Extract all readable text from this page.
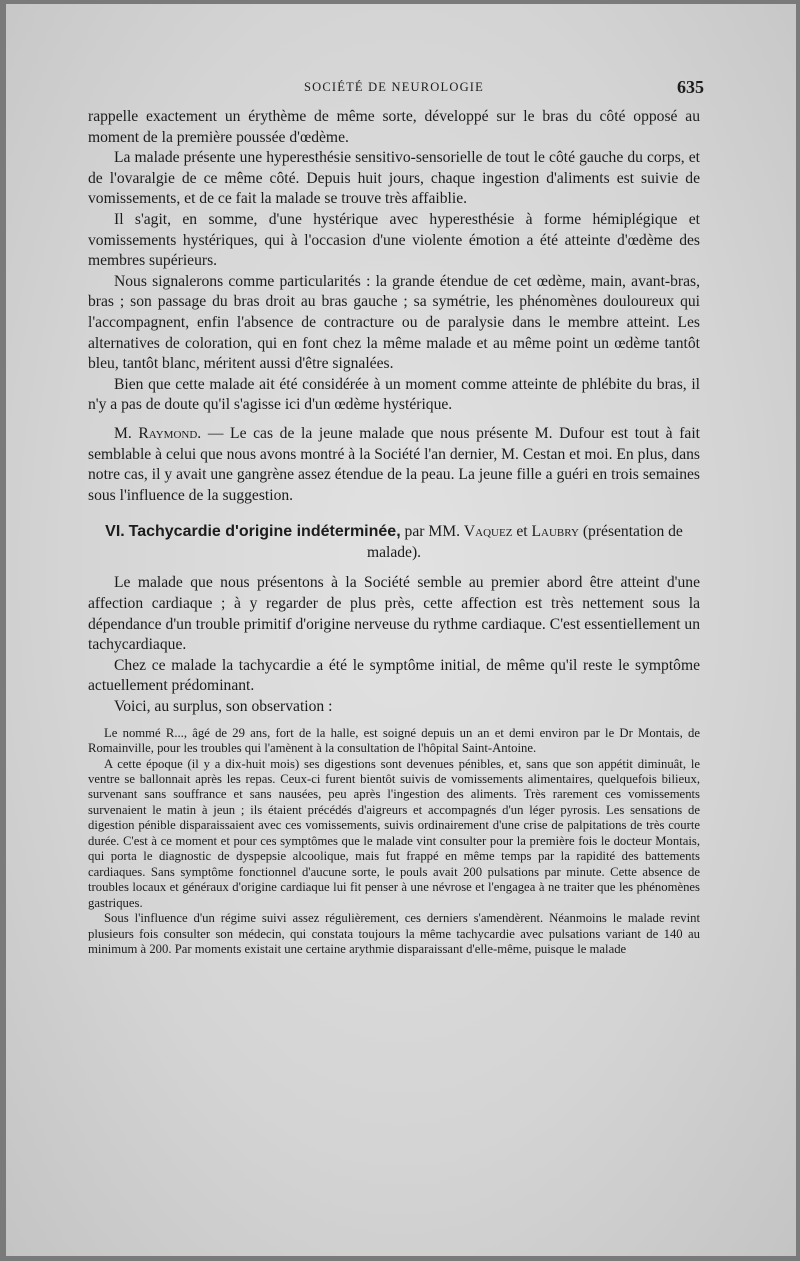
SOCIÉTÉ DE NEUROLOGIE	635

rappelle exactement un érythème de même sorte, développé sur le bras du côté opposé au moment de la première poussée d'œdème.

La malade présente une hyperesthésie sensitivo-sensorielle de tout le côté gauche du corps, et de l'ovaralgie de ce même côté. Depuis huit jours, chaque ingestion d'aliments est suivie de vomissements, et de ce fait la malade se trouve très affaiblie.

Il s'agit, en somme, d'une hystérique avec hyperesthésie à forme hémiplégique et vomissements hystériques, qui à l'occasion d'une violente émotion a été atteinte d'œdème des membres supérieurs.

Nous signalerons comme particularités : la grande étendue de cet œdème, main, avant-bras, bras ; son passage du bras droit au bras gauche ; sa symétrie, les phénomènes douloureux qui l'accompagnent, enfin l'absence de contracture ou de paralysie dans le membre atteint. Les alternatives de coloration, qui en font chez la même malade et au même point un œdème tantôt bleu, tantôt blanc, méritent aussi d'être signalées.

Bien que cette malade ait été considérée à un moment comme atteinte de phlébite du bras, il n'y a pas de doute qu'il s'agisse ici d'un œdème hystérique.

M. Raymond. — Le cas de la jeune malade que nous présente M. Dufour est tout à fait semblable à celui que nous avons montré à la Société l'an dernier, M. Cestan et moi. En plus, dans notre cas, il y avait une gangrène assez étendue de la peau. La jeune fille a guéri en trois semaines sous l'influence de la suggestion.

VI. Tachycardie d'origine indéterminée, par MM. Vaquez et Laubry (présentation de malade).

Le malade que nous présentons à la Société semble au premier abord être atteint d'une affection cardiaque ; à y regarder de plus près, cette affection est très nettement sous la dépendance d'un trouble primitif d'origine nerveuse du rythme cardiaque. C'est essentiellement un tachycardiaque.

Chez ce malade la tachycardie a été le symptôme initial, de même qu'il reste le symptôme actuellement prédominant.

Voici, au surplus, son observation :

Le nommé R..., âgé de 29 ans, fort de la halle, est soigné depuis un an et demi environ par le Dr Montais, de Romainville, pour les troubles qui l'amènent à la consultation de l'hôpital Saint-Antoine.

A cette époque (il y a dix-huit mois) ses digestions sont devenues pénibles, et, sans que son appétit diminuât, le ventre se ballonnait après les repas. Ceux-ci furent bientôt suivis de vomissements alimentaires, quelquefois bilieux, survenant sans souffrance et sans nausées, peu après l'ingestion des aliments. Très rarement ces vomissements survenaient le matin à jeun ; ils étaient précédés d'aigreurs et accompagnés d'un léger pyrosis. Les sensations de digestion pénible disparaissaient avec ces vomissements, suivis ordinairement d'une crise de palpitations de très courte durée. C'est à ce moment et pour ces symptômes que le malade vint consulter pour la première fois le docteur Montais, qui porta le diagnostic de dyspepsie alcoolique, mais fut frappé en même temps par la rapidité des battements cardiaques. Sans symptôme fonctionnel d'aucune sorte, le pouls avait 200 pulsations par minute. Cette absence de troubles locaux et généraux d'origine cardiaque lui fit penser à une névrose et l'engagea à ne traiter que les phénomènes gastriques.

Sous l'influence d'un régime suivi assez régulièrement, ces derniers s'amendèrent. Néanmoins le malade revint plusieurs fois consulter son médecin, qui constata toujours la même tachycardie avec pulsations variant de 140 au minimum à 200. Par moments existait une certaine arythmie disparaissant d'elle-même, puisque le malade
